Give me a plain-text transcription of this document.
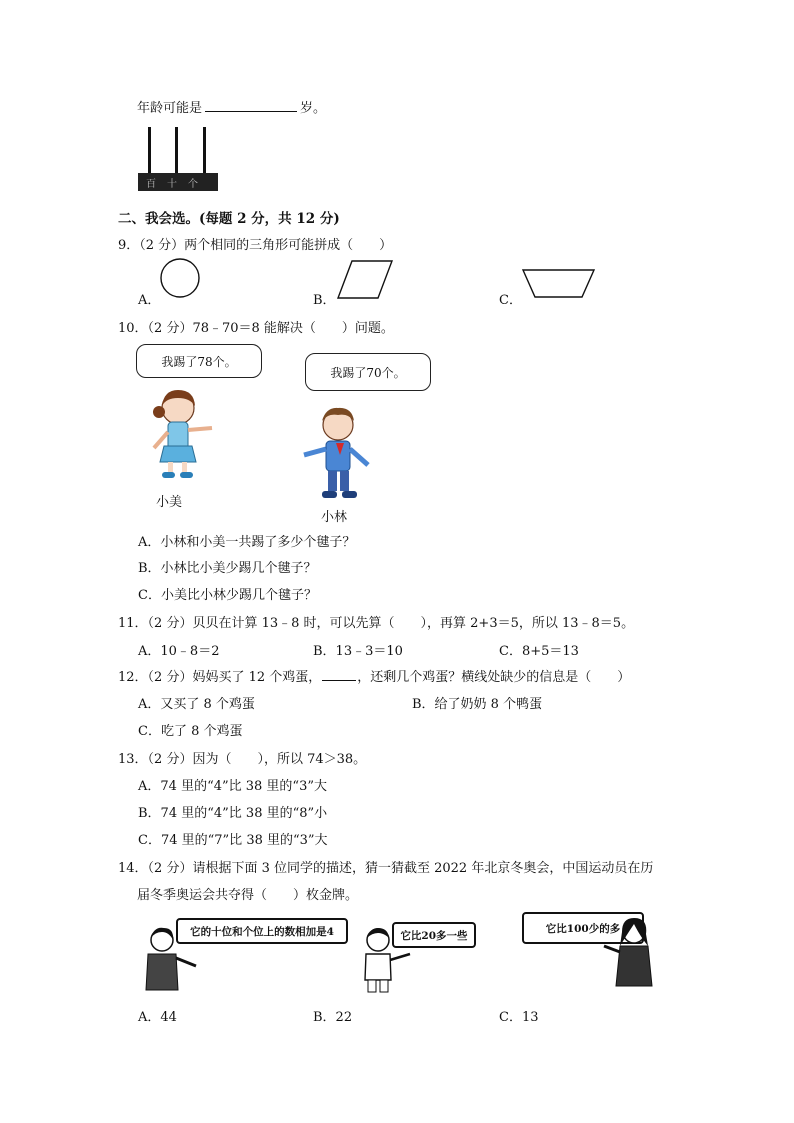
年龄可能是	岁。
百十个
二、我会选。(每题 2 分，共 12 分)
9．（2 分）两个相同的三角形可能拼成（　　）
A．	B．	C．
10．（2 分）78﹣70＝8 能解决（　　）问题。
我踢了78个。
我踢了70个。
小美
小林
A．小林和小美一共踢了多少个毽子？
B．小林比小美少踢几个毽子？
C．小美比小林少踢几个毽子？
11．（2 分）贝贝在计算 13﹣8 时，可以先算（　　），再算 2+3＝5，所以 13﹣8＝5。
A．10﹣8＝2	B．13﹣3＝10	C．8+5＝13
12．（2 分）妈妈买了 12 个鸡蛋，	，还剩几个鸡蛋？横线处缺少的信息是（　　）
A．又买了 8 个鸡蛋	B．给了奶奶 8 个鸭蛋
C．吃了 8 个鸡蛋
13．（2 分）因为（　　），所以 74＞38。
A．74 里的“4”比 38 里的“3”大
B．74 里的“4”比 38 里的“8”小
C．74 里的“7”比 38 里的“3”大
14．（2 分）请根据下面 3 位同学的描述，猜一猜截至 2022 年北京冬奥会，中国运动员在历
届冬季奥运会共夺得（　　）枚金牌。
它的十位和个位上的数相加是4	它比20多一些
它比100少的多
A．44	B．22	C．13
